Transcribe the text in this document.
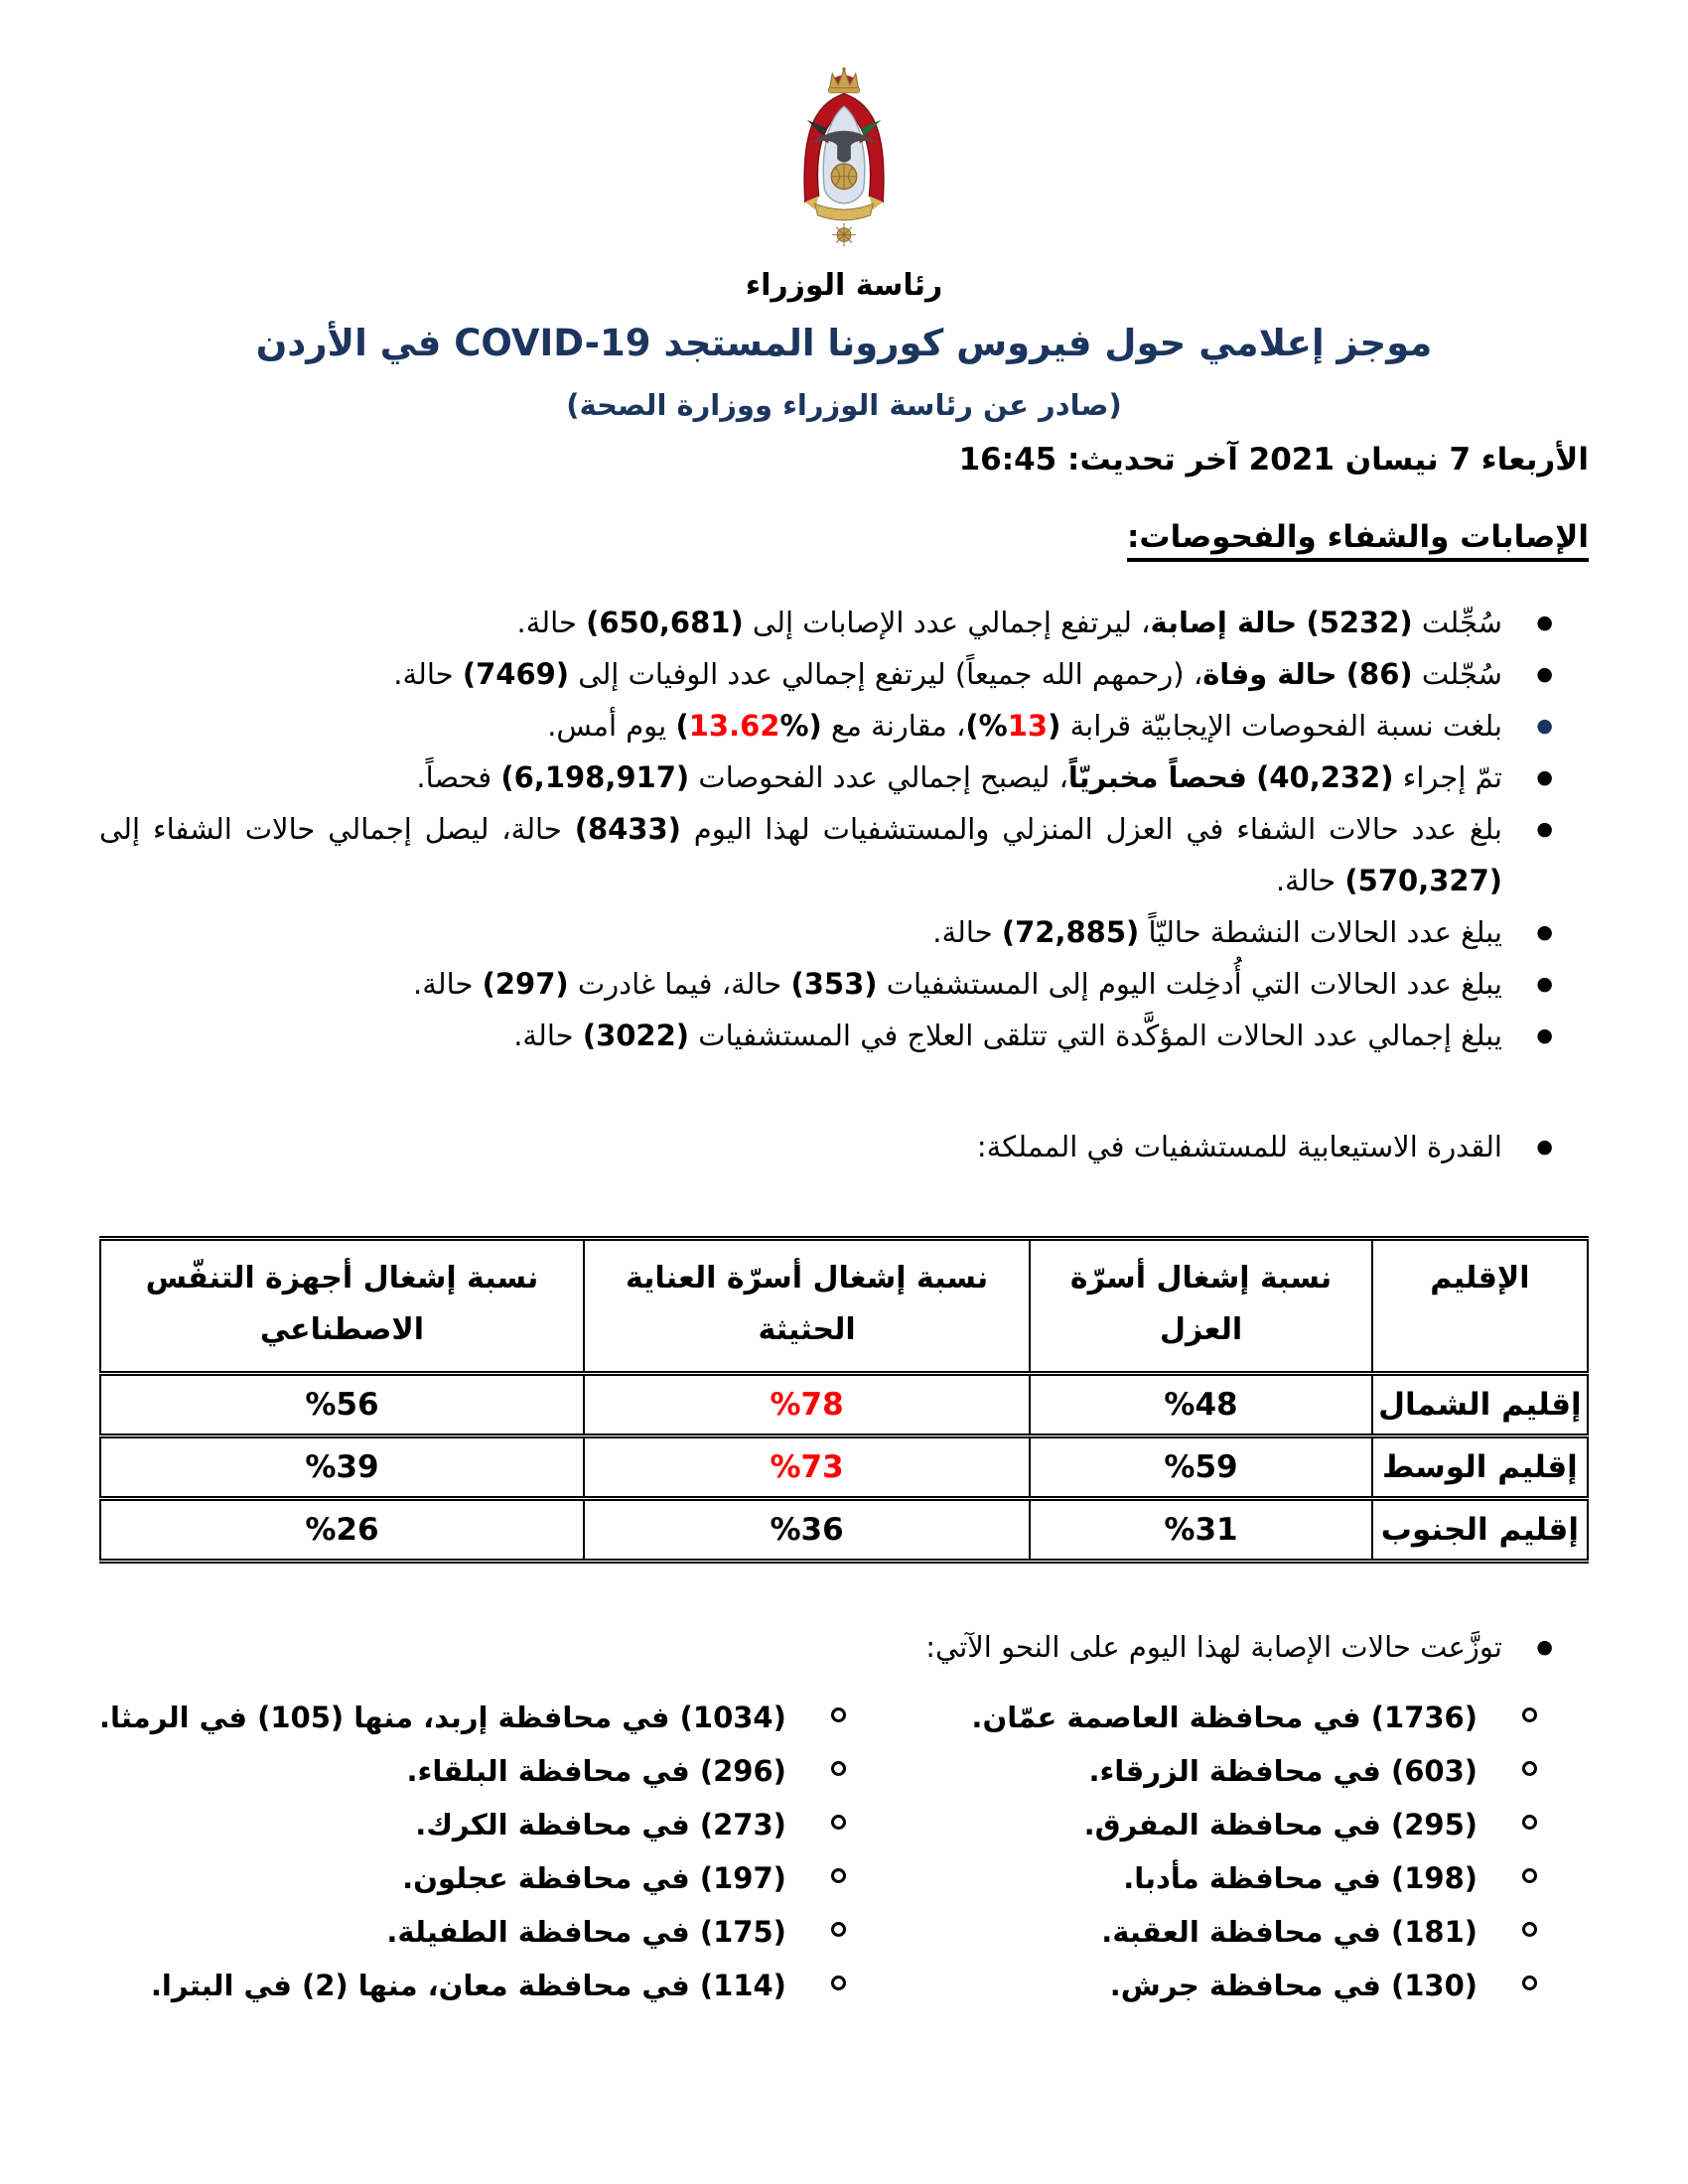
رئاسة الوزراء
موجز إعلامي حول فيروس كورونا المستجد COVID-19 في الأردن
(صادر عن رئاسة الوزراء ووزارة الصحة)
الأربعاء 7 نيسان 2021 آخر تحديث: 16:45
الإصابات والشفاء والفحوصات:
●
سُجِّلت (5232) حالة إصابة، ليرتفع إجمالي عدد الإصابات إلى (650,681) حالة.
●
سُجّلت (86) حالة وفاة، (رحمهم الله جميعاً) ليرتفع إجمالي عدد الوفيات إلى (7469) حالة.
●
بلغت نسبة الفحوصات الإيجابيّة قرابة (%13)، مقارنة مع (13.62%) يوم أمس.
●
تمّ إجراء (40,232) فحصاً مخبريّاً، ليصبح إجمالي عدد الفحوصات (6,198,917) فحصاً.
●
بلغ عدد حالات الشفاء في العزل المنزلي والمستشفيات لهذا اليوم (8433) حالة، ليصل إجمالي حالات الشفاء إلى (570,327) حالة.
●
يبلغ عدد الحالات النشطة حاليّاً (72,885) حالة.
●
يبلغ عدد الحالات التي أُدخِلت اليوم إلى المستشفيات (353) حالة، فيما غادرت (297) حالة.
●
يبلغ إجمالي عدد الحالات المؤكَّدة التي تتلقى العلاج في المستشفيات (3022) حالة.
●
القدرة الاستيعابية للمستشفيات في المملكة:
الإقليم	نسبة إشغال أسرّة العزل	نسبة إشغال أسرّة العناية الحثيثة	نسبة إشغال أجهزة التنفّس الاصطناعي
إقليم الشمال	%48	%78	%56
إقليم الوسط	%59	%73	%39
إقليم الجنوب	%31	%36	%26
●
توزَّعت حالات الإصابة لهذا اليوم على النحو الآتي:
(1736) في محافظة العاصمة عمّان.
(603) في محافظة الزرقاء.
(295) في محافظة المفرق.
(198) في محافظة مأدبا.
(181) في محافظة العقبة.
(130) في محافظة جرش.
(1034) في محافظة إربد، منها (105) في الرمثا.
(296) في محافظة البلقاء.
(273) في محافظة الكرك.
(197) في محافظة عجلون.
(175) في محافظة الطفيلة.
(114) في محافظة معان، منها (2) في البترا.
